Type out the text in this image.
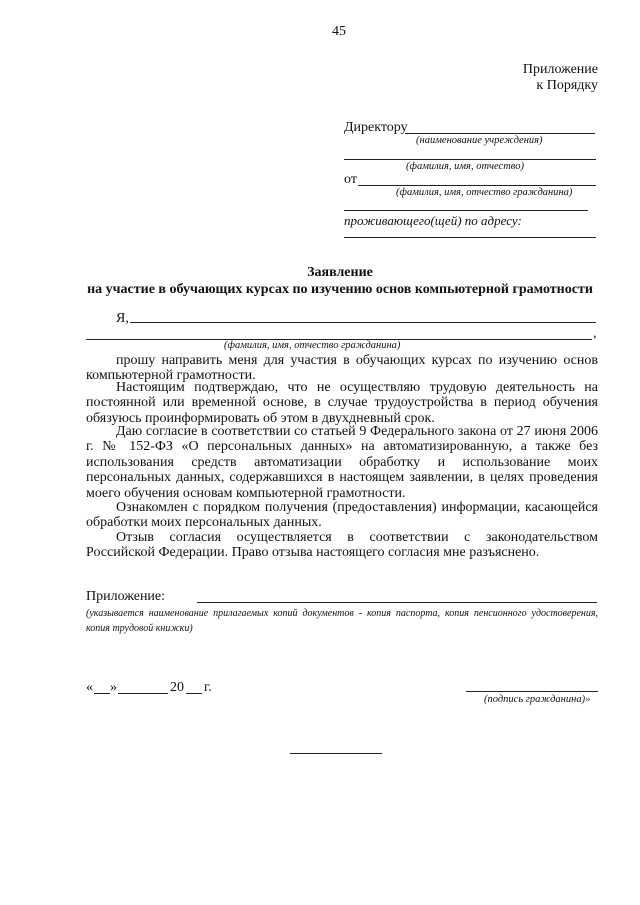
45
Приложение
к Порядку
Директору
(наименование учреждения)
(фамилия, имя, отчество)
от
(фамилия, имя, отчество гражданина)
проживающего(щей) по адресу:
Заявление
на участие в обучающих курсах по изучению основ компьютерной грамотности
Я,
,
(фамилия, имя, отчество гражданина)
прошу направить меня для участия в обучающих курсах по изучению основ компьютерной грамотности.
Настоящим подтверждаю, что не осуществляю трудовую деятельность на постоянной или временной основе, в случае трудоустройства в период обучения обязуюсь проинформировать об этом в двухдневный срок.
Даю согласие в соответствии со статьей 9 Федерального закона от 27 июня 2006 г. № 152-ФЗ «О персональных данных» на автоматизированную, а также без использования средств автоматизации обработку и использование моих персональных данных, содержавшихся в настоящем заявлении, в целях проведения моего обучения основам компьютерной грамотности.
Ознакомлен с порядком получения (предоставления) информации, касающейся обработки моих персональных данных.
Отзыв согласия осуществляется в соответствии с законодательством Российской Федерации. Право отзыва настоящего согласия мне разъяснено.
Приложение:
(указывается наименование прилагаемых копий документов - копия паспорта, копия пенсионного удостоверения, копия трудовой книжки)
« »	20 г.
(подпись гражданина)»
